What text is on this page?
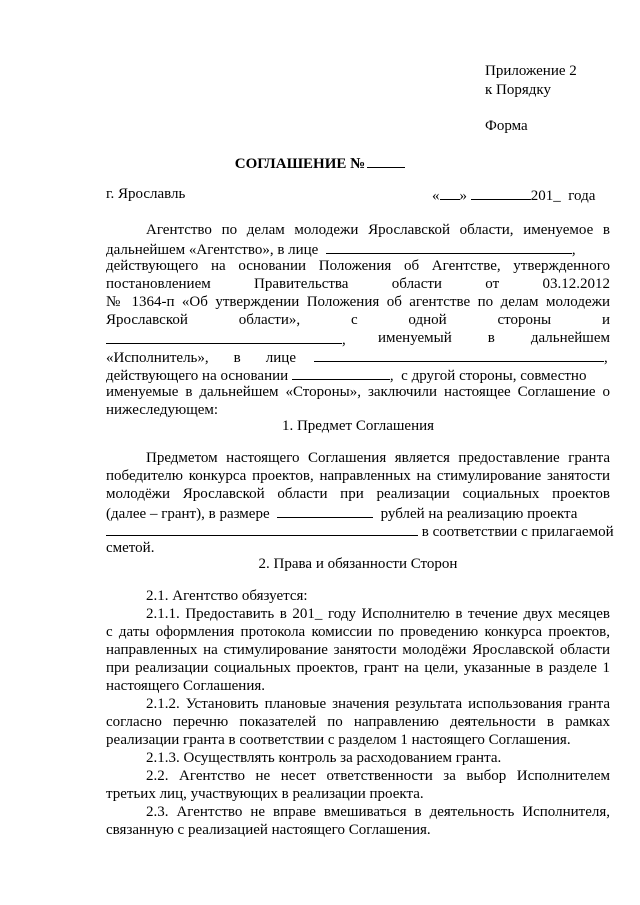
Приложение 2
к Порядку
Форма
СОГЛАШЕНИЕ №
г. Ярославль	« »	201_  года
Агентство по делам молодежи Ярославской области, именуемое в
дальнейшем «Агентство», в лице	,
действующего на основании Положения об Агентстве, утвержденного
постановлением Правительства области от 03.12.2012
№ 1364-п «Об утверждении Положения об агентстве по делам молодежи
Ярославской области», с одной стороны и
, именуемый в дальнейшем
«Исполнитель», в лице	,
действующего на основании	,  с другой стороны, совместно
именуемые в дальнейшем «Стороны», заключили настоящее Соглашение о
нижеследующем:
1. Предмет Соглашения
Предметом настоящего Соглашения является предоставление гранта
победителю конкурса проектов, направленных на стимулирование занятости
молодёжи Ярославской области при реализации социальных проектов
(далее – грант), в размере	рублей на реализацию проекта
в соответствии с прилагаемой
сметой.
2. Права и обязанности Сторон
2.1. Агентство обязуется:
2.1.1. Предоставить в 201_ году Исполнителю в течение двух месяцев
с даты оформления протокола комиссии по проведению конкурса проектов,
направленных на стимулирование занятости молодёжи Ярославской области
при реализации социальных проектов, грант на цели, указанные в разделе 1
настоящего Соглашения.
2.1.2. Установить плановые значения результата использования гранта
согласно перечню показателей по направлению деятельности в рамках
реализации гранта в соответствии с разделом 1 настоящего Соглашения.
2.1.3. Осуществлять контроль за расходованием гранта.
2.2. Агентство не несет ответственности за выбор Исполнителем
третьих лиц, участвующих в реализации проекта.
2.3. Агентство не вправе вмешиваться в деятельность Исполнителя,
связанную с реализацией настоящего Соглашения.
